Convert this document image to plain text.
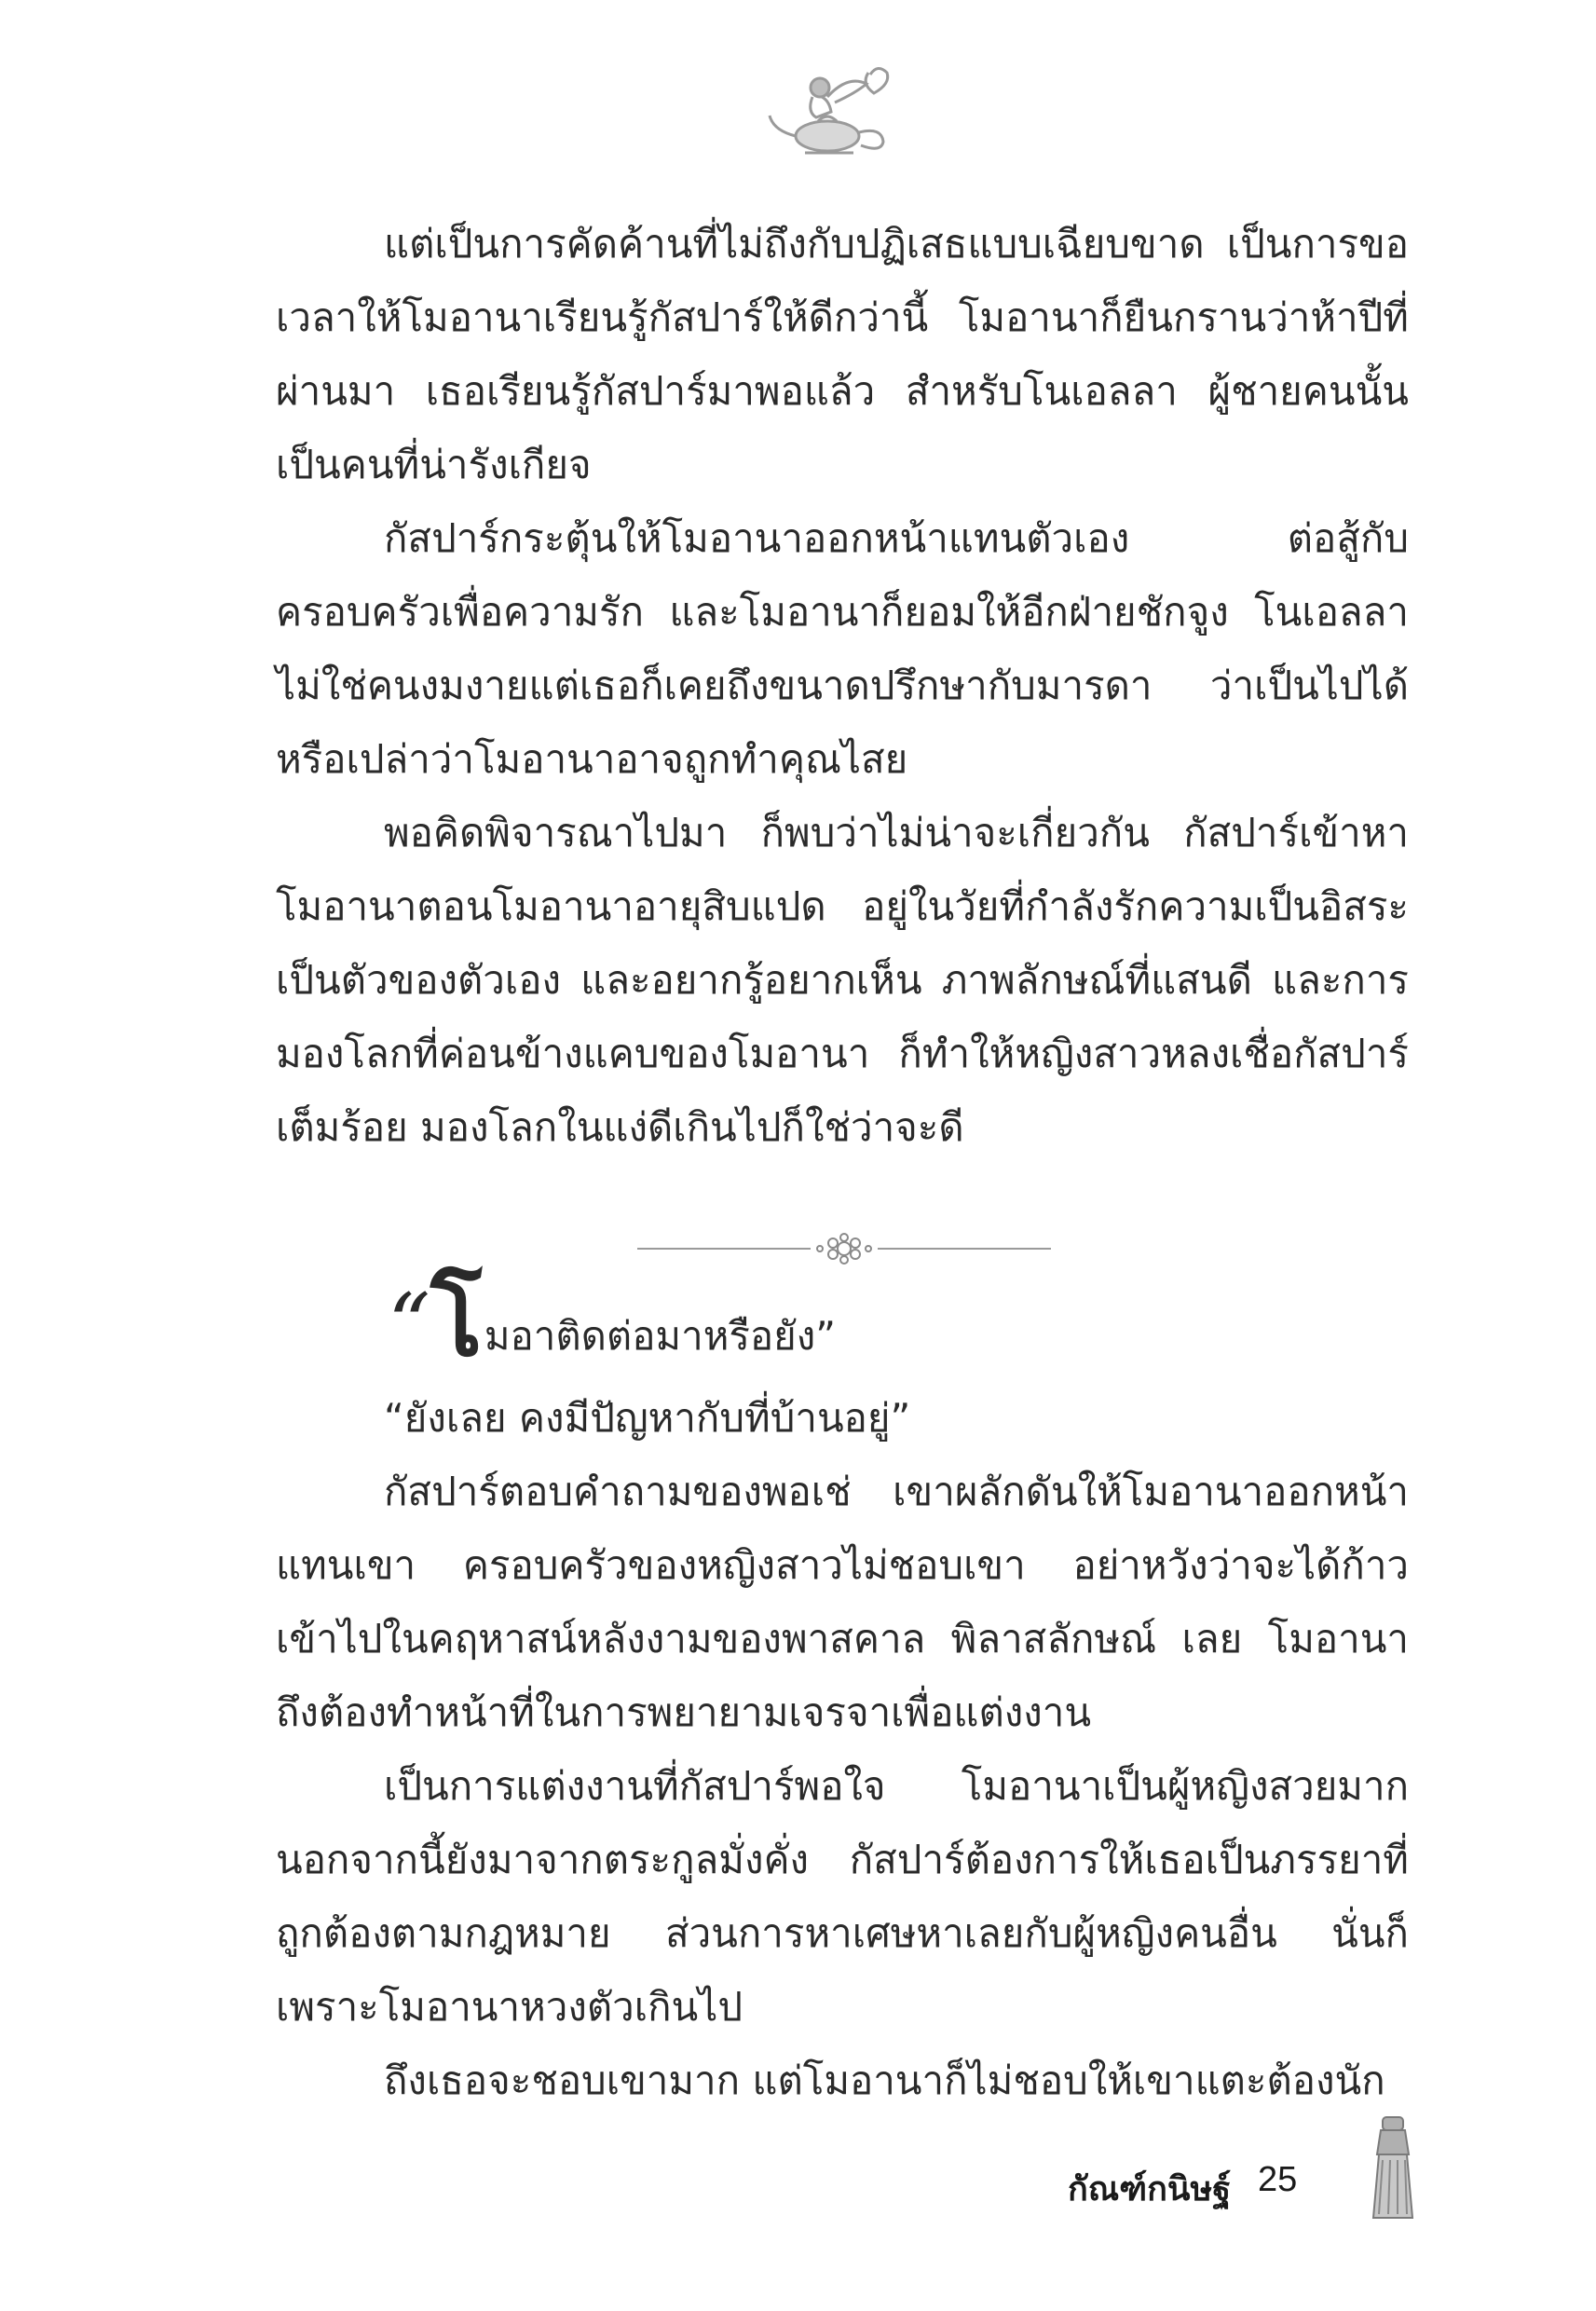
แต่เป็นการคัดค้านที่ไม่ถึงกับปฏิเสธแบบเฉียบขาด เป็นการขอเวลาให้โมอานาเรียนรู้กัสปาร์ให้ดีกว่านี้ โมอานาก็ยืนกรานว่าห้าปีที่ผ่านมา เธอเรียนรู้กัสปาร์มาพอแล้ว สำหรับโนเอลลา ผู้ชายคนนั้นเป็นคนที่น่ารังเกียจ

กัสปาร์กระตุ้นให้โมอานาออกหน้าแทนตัวเอง ต่อสู้กับครอบครัวเพื่อความรัก และโมอานาก็ยอมให้อีกฝ่ายชักจูง โนเอลลาไม่ใช่คนงมงายแต่เธอก็เคยถึงขนาดปรึกษากับมารดา ว่าเป็นไปได้หรือเปล่าว่าโมอานาอาจถูกทำคุณไสย

พอคิดพิจารณาไปมา ก็พบว่าไม่น่าจะเกี่ยวกัน กัสปาร์เข้าหาโมอานาตอนโมอานาอายุสิบแปด อยู่ในวัยที่กำลังรักความเป็นอิสระเป็นตัวของตัวเอง และอยากรู้อยากเห็น ภาพลักษณ์ที่แสนดี และการมองโลกที่ค่อนข้างแคบของโมอานา ก็ทำให้หญิงสาวหลงเชื่อกัสปาร์เต็มร้อย มองโลกในแง่ดีเกินไปก็ใช่ว่าจะดี

“โมอาติดต่อมาหรือยัง”

“ยังเลย คงมีปัญหากับที่บ้านอยู่”

กัสปาร์ตอบคำถามของพอเช่ เขาผลักดันให้โมอานาออกหน้าแทนเขา ครอบครัวของหญิงสาวไม่ชอบเขา อย่าหวังว่าจะได้ก้าวเข้าไปในคฤหาสน์หลังงามของพาสคาล พิลาสลักษณ์ เลย โมอานาถึงต้องทำหน้าที่ในการพยายามเจรจาเพื่อแต่งงาน

เป็นการแต่งงานที่กัสปาร์พอใจ โมอานาเป็นผู้หญิงสวยมากนอกจากนี้ยังมาจากตระกูลมั่งคั่ง กัสปาร์ต้องการให้เธอเป็นภรรยาที่ถูกต้องตามกฎหมาย ส่วนการหาเศษหาเลยกับผู้หญิงคนอื่น นั่นก็เพราะโมอานาหวงตัวเกินไป

ถึงเธอจะชอบเขามาก แต่โมอานาก็ไม่ชอบให้เขาแตะต้องนัก

กัณฑ์กนิษฐ์ 25
